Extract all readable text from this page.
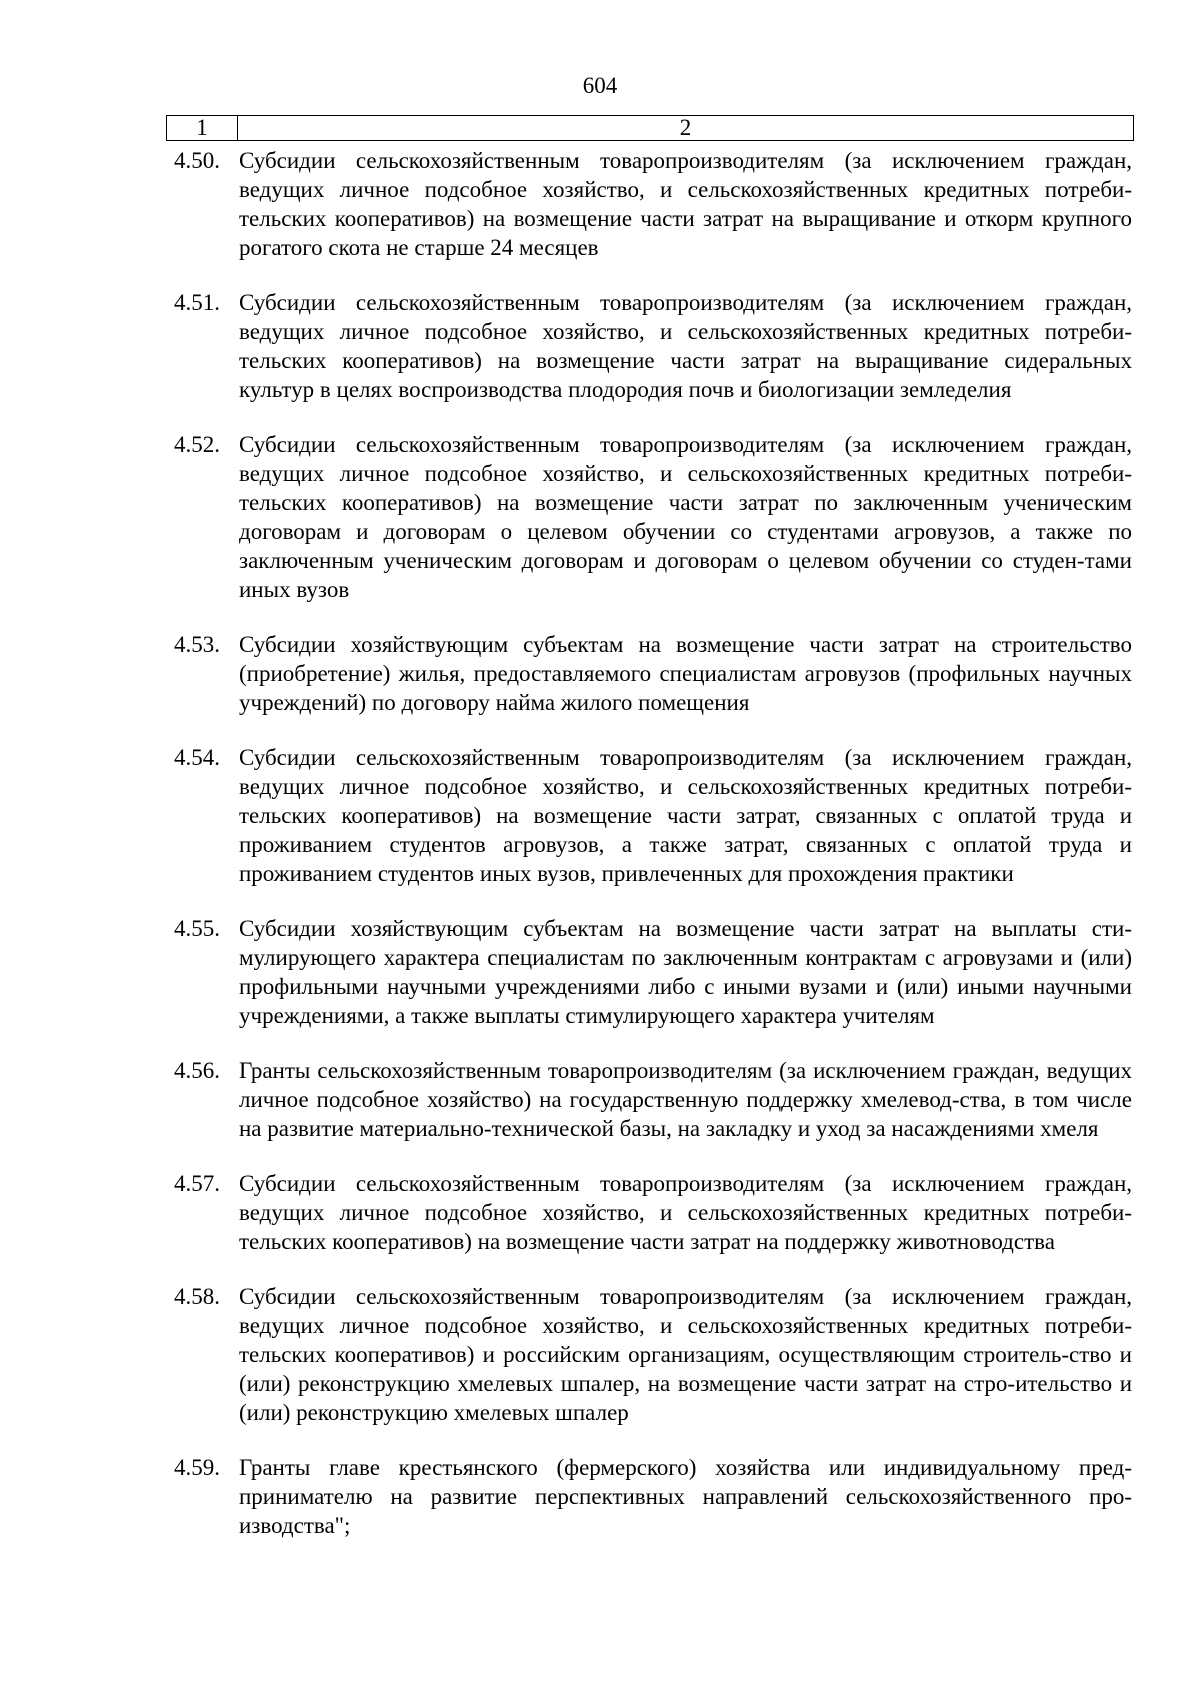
604
1	2
4.50. Субсидии сельскохозяйственным товаропроизводителям (за исключением граждан, ведущих личное подсобное хозяйство, и сельскохозяйственных кредитных потреби-тельских кооперативов) на возмещение части затрат на выращивание и откорм крупного рогатого скота не старше 24 месяцев
4.51. Субсидии сельскохозяйственным товаропроизводителям (за исключением граждан, ведущих личное подсобное хозяйство, и сельскохозяйственных кредитных потреби-тельских кооперативов) на возмещение части затрат на выращивание сидеральных культур в целях воспроизводства плодородия почв и биологизации земледелия
4.52. Субсидии сельскохозяйственным товаропроизводителям (за исключением граждан, ведущих личное подсобное хозяйство, и сельскохозяйственных кредитных потреби-тельских кооперативов) на возмещение части затрат по заключенным ученическим договорам и договорам о целевом обучении со студентами агровузов, а также по заключенным ученическим договорам и договорам о целевом обучении со студен-тами иных вузов
4.53. Субсидии хозяйствующим субъектам на возмещение части затрат на строительство (приобретение) жилья, предоставляемого специалистам агровузов (профильных научных учреждений) по договору найма жилого помещения
4.54. Субсидии сельскохозяйственным товаропроизводителям (за исключением граждан, ведущих личное подсобное хозяйство, и сельскохозяйственных кредитных потреби-тельских кооперативов) на возмещение части затрат, связанных с оплатой труда и проживанием студентов агровузов, а также затрат, связанных с оплатой труда и проживанием студентов иных вузов, привлеченных для прохождения практики
4.55. Субсидии хозяйствующим субъектам на возмещение части затрат на выплаты сти-мулирующего характера специалистам по заключенным контрактам с агровузами и (или) профильными научными учреждениями либо с иными вузами и (или) иными научными учреждениями, а также выплаты стимулирующего характера учителям
4.56. Гранты сельскохозяйственным товаропроизводителям (за исключением граждан, ведущих личное подсобное хозяйство) на государственную поддержку хмелевод-ства, в том числе на развитие материально-технической базы, на закладку и уход за насаждениями хмеля
4.57. Субсидии сельскохозяйственным товаропроизводителям (за исключением граждан, ведущих личное подсобное хозяйство, и сельскохозяйственных кредитных потреби-тельских кооперативов) на возмещение части затрат на поддержку животноводства
4.58. Субсидии сельскохозяйственным товаропроизводителям (за исключением граждан, ведущих личное подсобное хозяйство, и сельскохозяйственных кредитных потреби-тельских кооперативов) и российским организациям, осуществляющим строитель-ство и (или) реконструкцию хмелевых шпалер, на возмещение части затрат на стро-ительство и (или) реконструкцию хмелевых шпалер
4.59. Гранты главе крестьянского (фермерского) хозяйства или индивидуальному пред-принимателю на развитие перспективных направлений сельскохозяйственного про-изводства";
